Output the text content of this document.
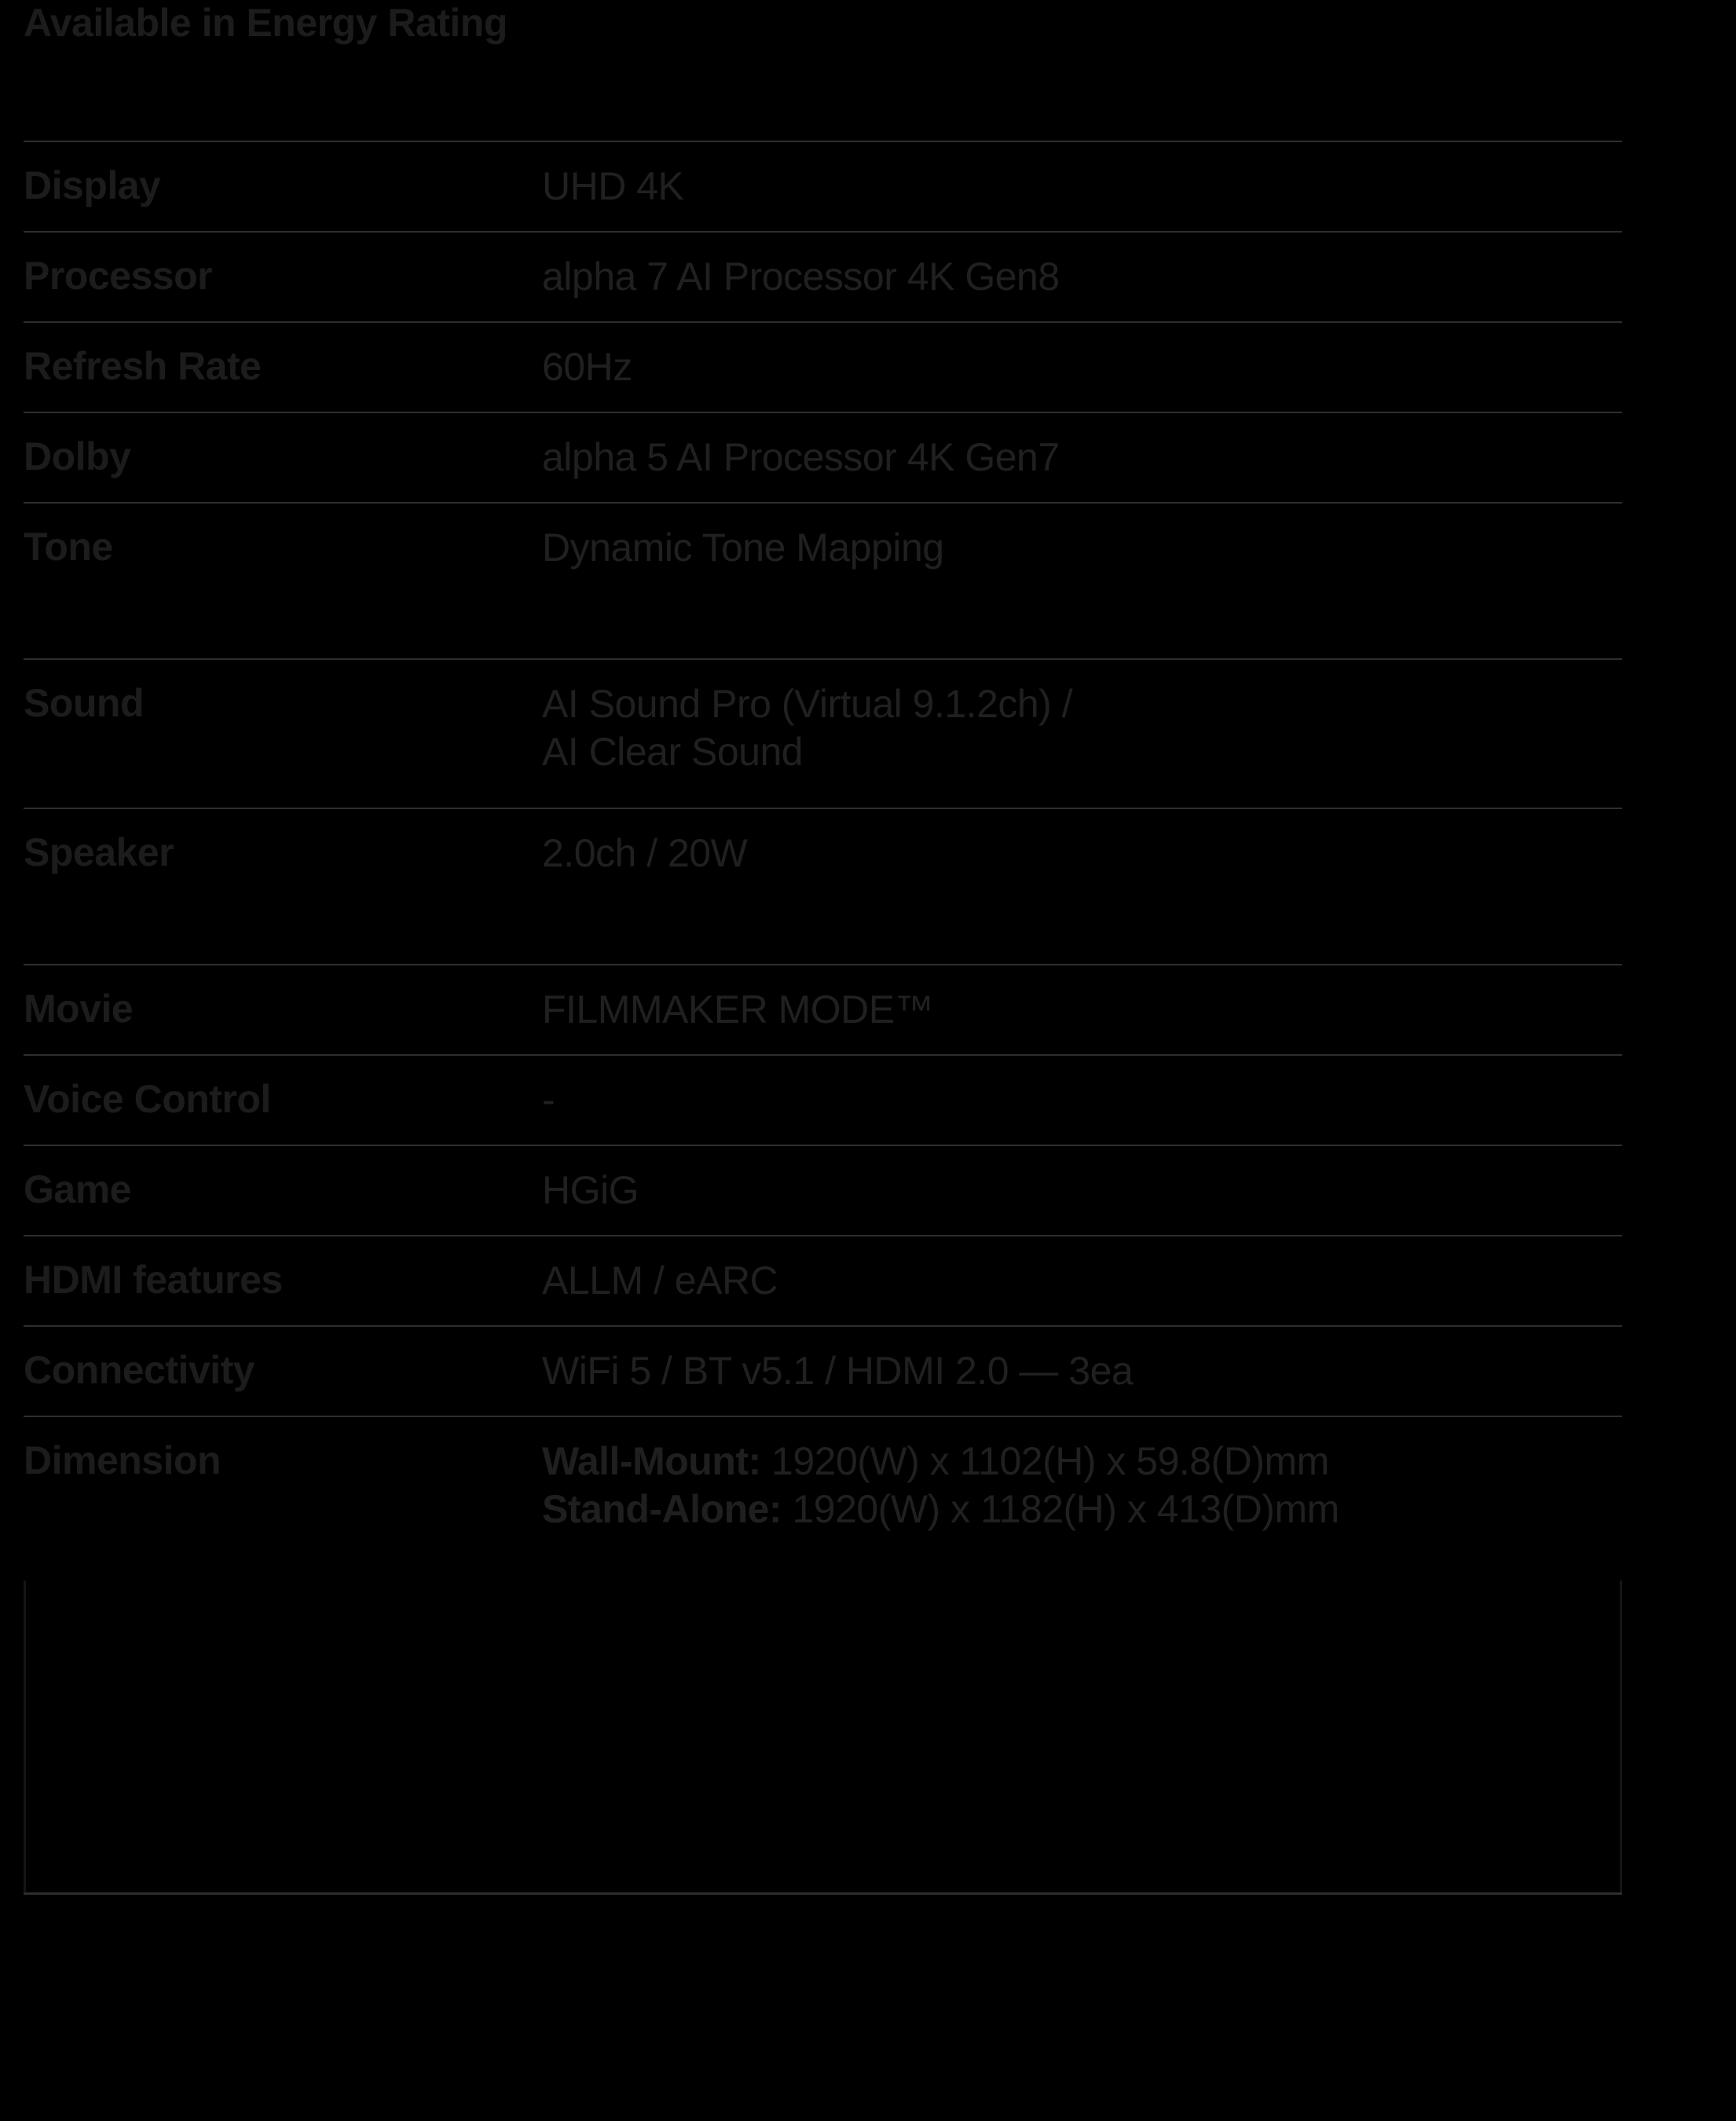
Available in Energy Rating
Display	UHD 4K
Processor	alpha 7 AI Processor 4K Gen8
Refresh Rate	60Hz
Dolby	alpha 5 AI Processor 4K Gen7
Tone	Dynamic Tone Mapping
Sound	AI Sound Pro (Virtual 9.1.2ch) /
AI Clear Sound
Speaker	2.0ch / 20W
Movie	FILMMAKER MODE™
Voice Control	-
Game	HGiG
HDMI features	ALLM / eARC
Connectivity	WiFi 5 / BT v5.1 / HDMI 2.0 — 3ea
Dimension	Wall-Mount: 1920(W) x 1102(H) x 59.8(D)mm
Stand-Alone: 1920(W) x 1182(H) x 413(D)mm
